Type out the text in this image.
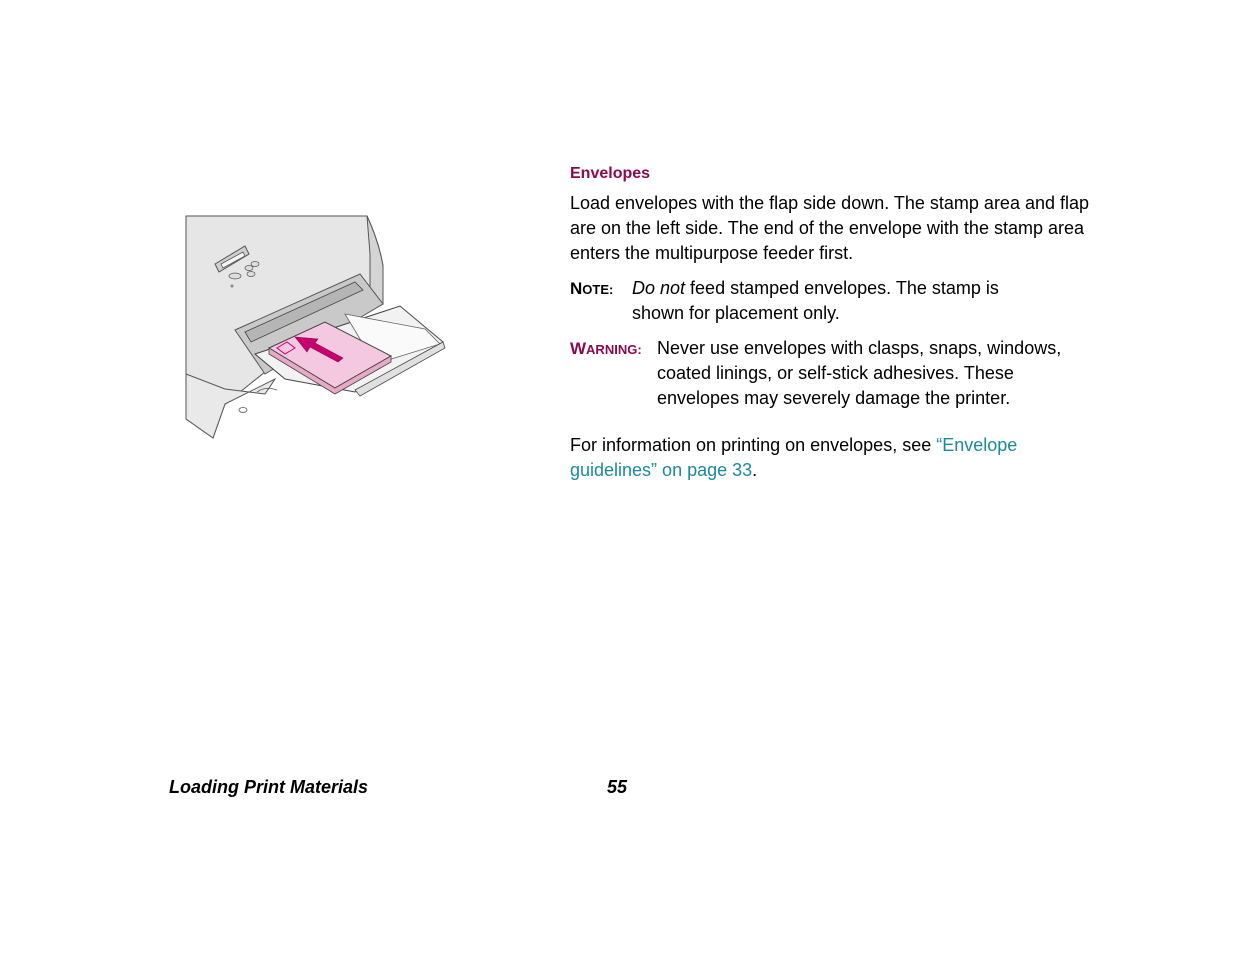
Envelopes

Load envelopes with the flap side down. The stamp area and flap are on the left side. The end of the envelope with the stamp area enters the multipurpose feeder first.

NOTE: Do not feed stamped envelopes. The stamp is shown for placement only.
WARNING: Never use envelopes with clasps, snaps, windows, coated linings, or self-stick adhesives. These envelopes may severely damage the printer.

For information on printing on envelopes, see “Envelope guidelines” on page 33.

Loading Print Materials	55
